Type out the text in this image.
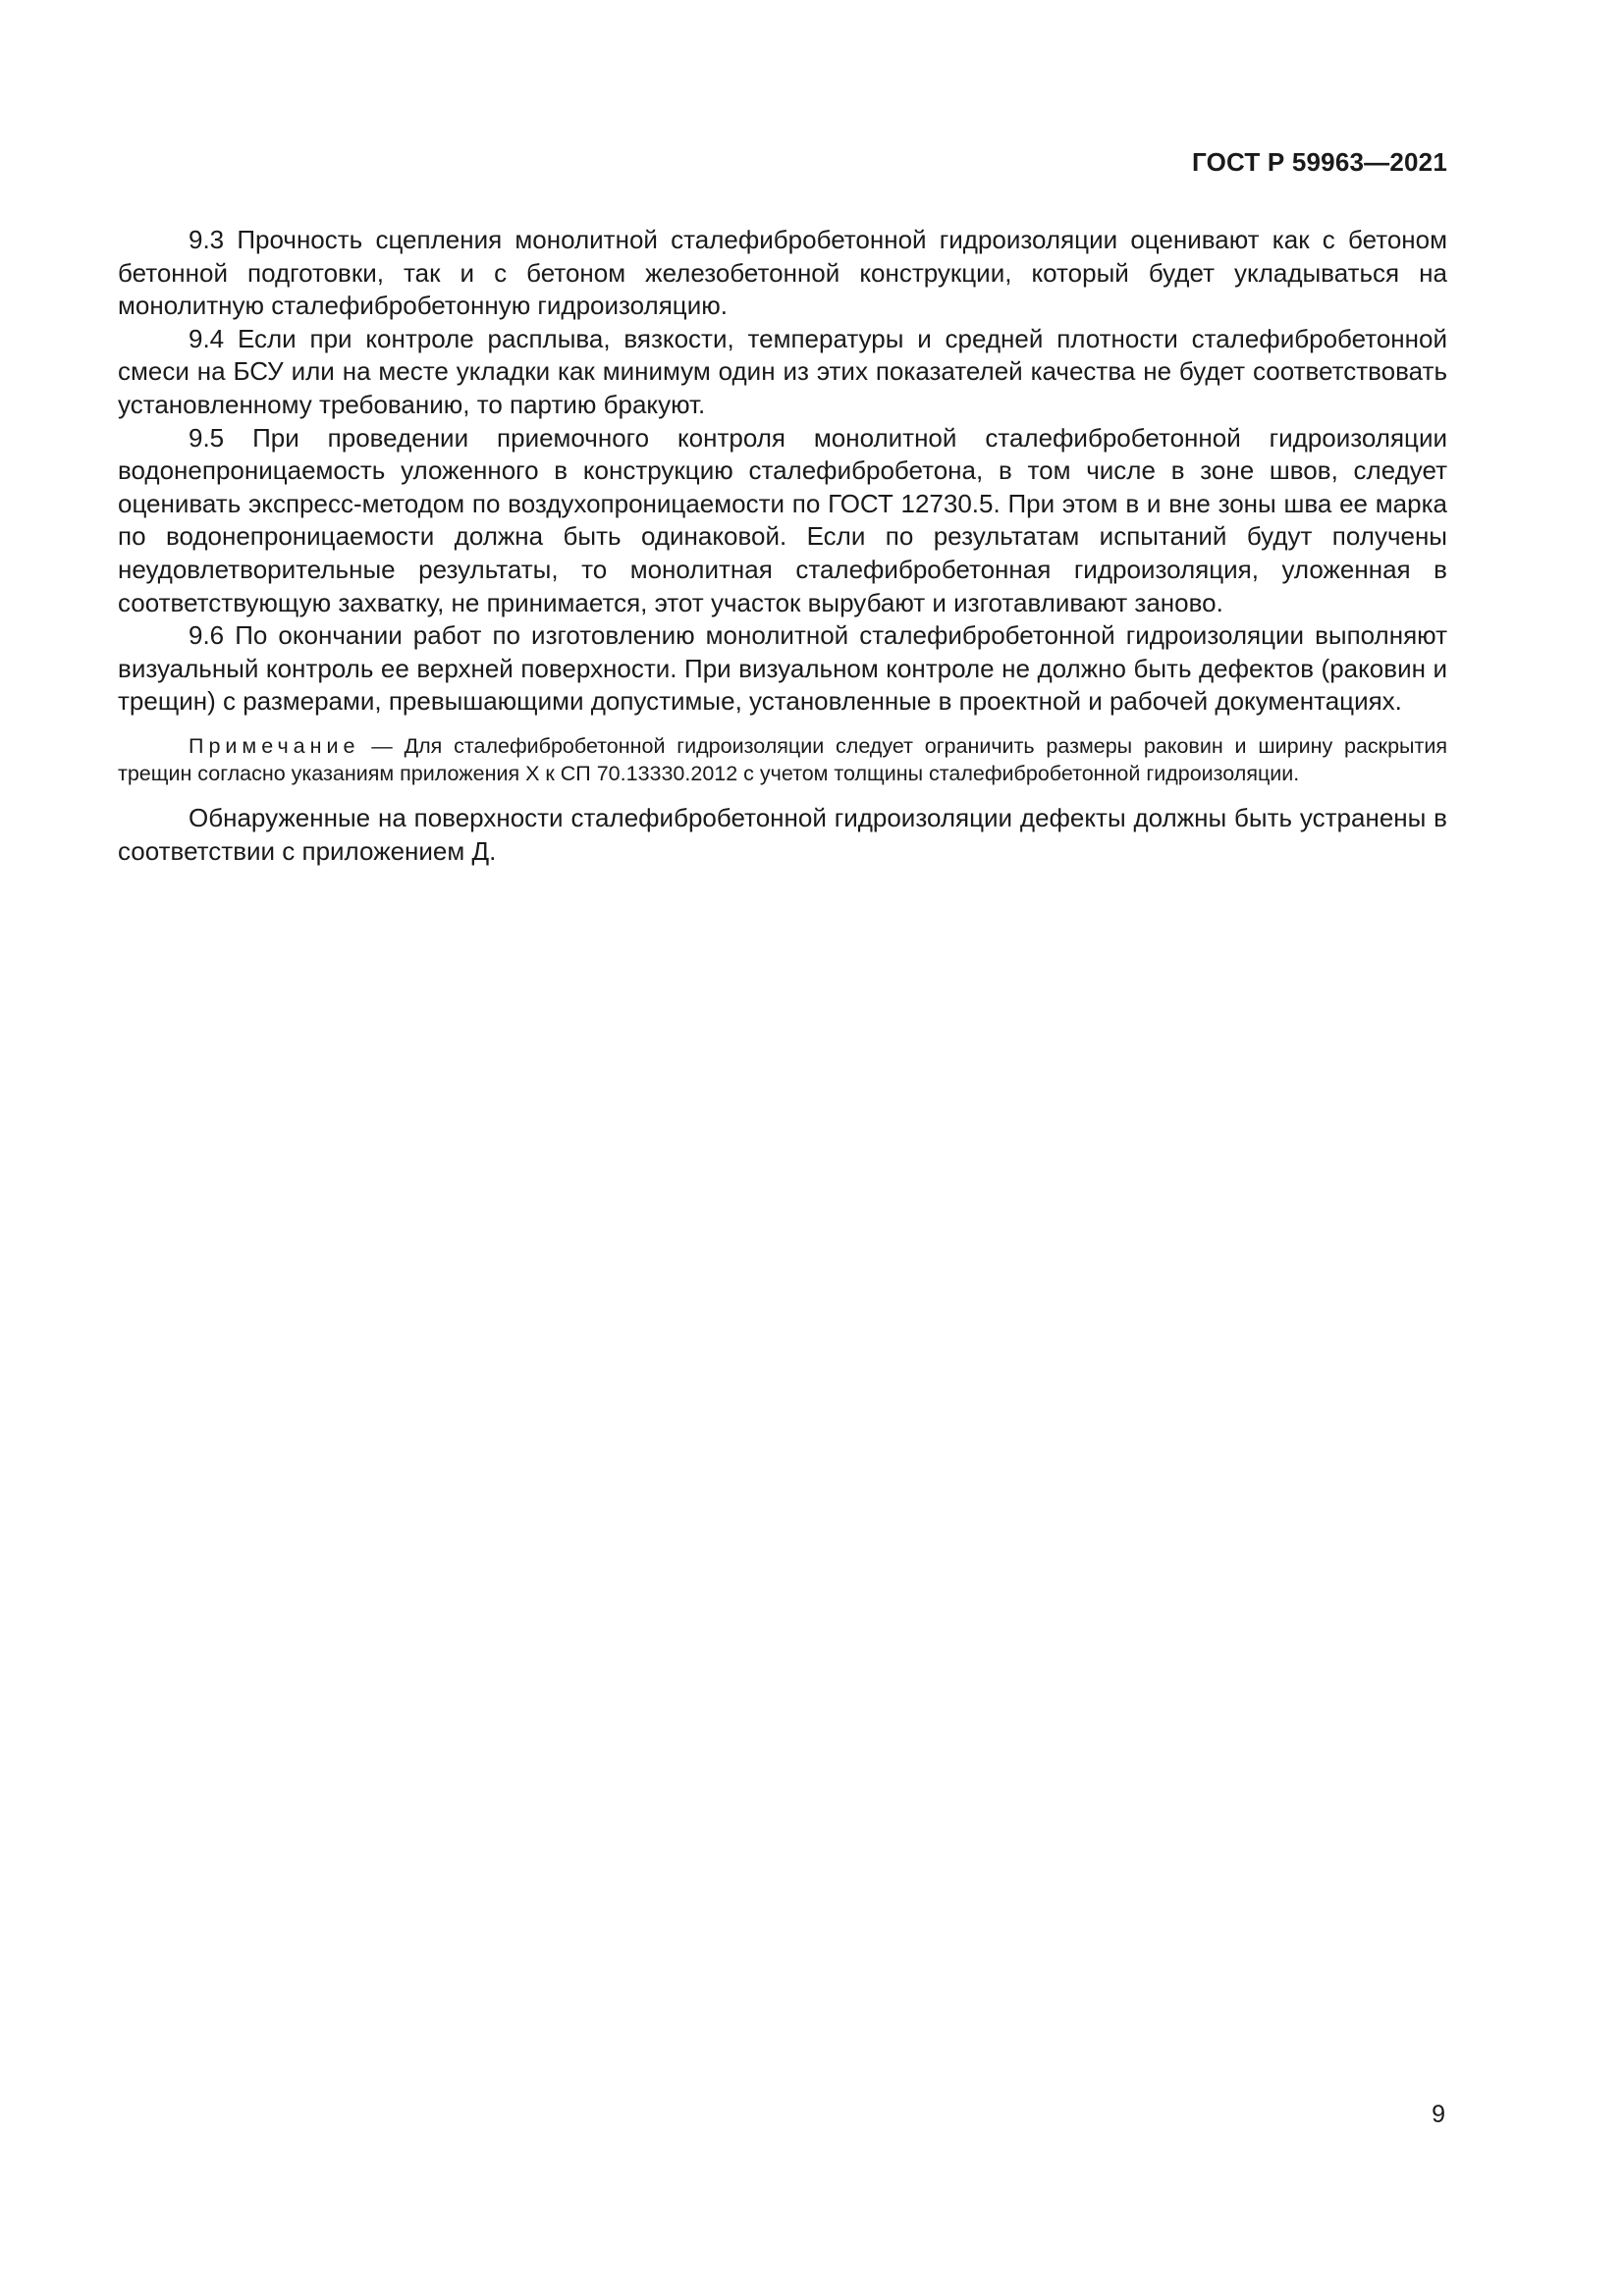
ГОСТ Р 59963—2021

9.3 Прочность сцепления монолитной сталефибробетонной гидроизоляции оценивают как с бетоном бетонной подготовки, так и с бетоном железобетонной конструкции, который будет укладываться на монолитную сталефибробетонную гидроизоляцию.

9.4 Если при контроле расплыва, вязкости, температуры и средней плотности сталефибробетонной смеси на БСУ или на месте укладки как минимум один из этих показателей качества не будет соответствовать установленному требованию, то партию бракуют.

9.5 При проведении приемочного контроля монолитной сталефибробетонной гидроизоляции водонепроницаемость уложенного в конструкцию сталефибробетона, в том числе в зоне швов, следует оценивать экспресс-методом по воздухопроницаемости по ГОСТ 12730.5. При этом в и вне зоны шва ее марка по водонепроницаемости должна быть одинаковой. Если по результатам испытаний будут получены неудовлетворительные результаты, то монолитная сталефибробетонная гидроизоляция, уложенная в соответствующую захватку, не принимается, этот участок вырубают и изготавливают заново.

9.6 По окончании работ по изготовлению монолитной сталефибробетонной гидроизоляции выполняют визуальный контроль ее верхней поверхности. При визуальном контроле не должно быть дефектов (раковин и трещин) с размерами, превышающими допустимые, установленные в проектной и рабочей документациях.

Примечание — Для сталефибробетонной гидроизоляции следует ограничить размеры раковин и ширину раскрытия трещин согласно указаниям приложения Х к СП 70.13330.2012 с учетом толщины сталефибробетонной гидроизоляции.

Обнаруженные на поверхности сталефибробетонной гидроизоляции дефекты должны быть устранены в соответствии с приложением Д.

9
